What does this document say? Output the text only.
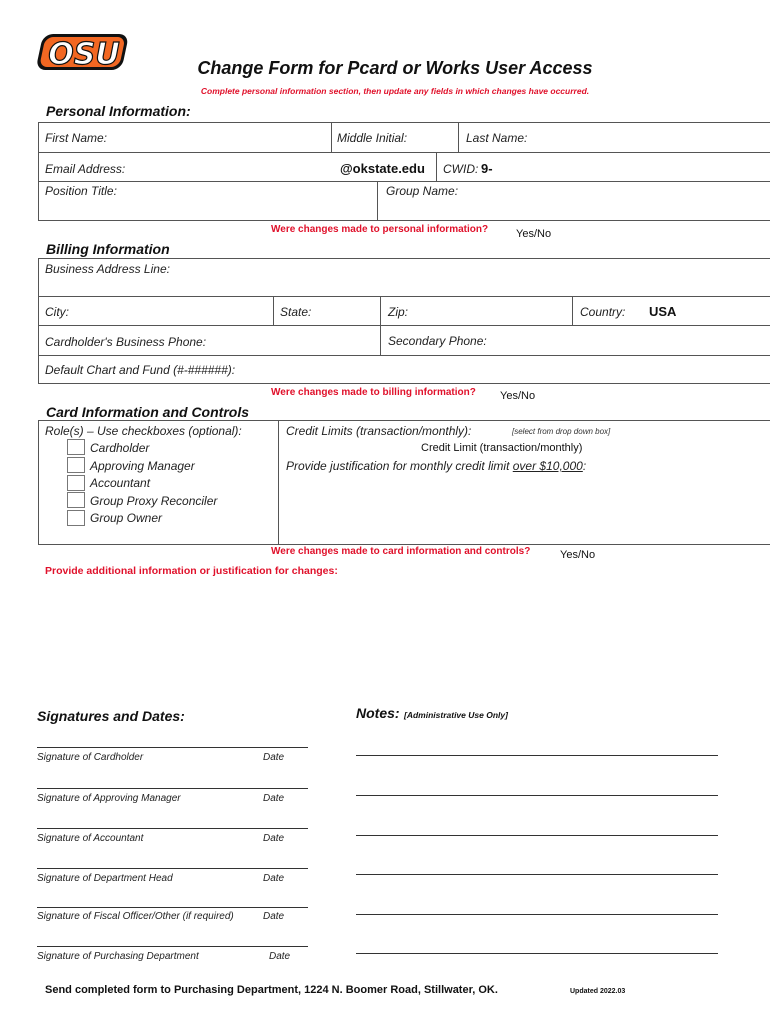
OSU	Change Form for Pcard or Works User Access
Complete personal information section, then update any fields in which changes have occurred.
Personal Information:
First Name:	Middle Initial:	Last Name:
Email Address:	@okstate.edu CWID: 9-
Position Title:	Group Name:
Were changes made to personal information?	Yes/No
Billing Information
Business Address Line:
City:	State:	Zip:	Country: USA
Cardholder's Business Phone:	Secondary Phone:
Default Chart and Fund (#-######):
Were changes made to billing information? Yes/No
Card Information and Controls
Role(s) – Use checkboxes (optional):
Cardholder
Approving Manager
Accountant
Group Proxy Reconciler
Group Owner
Credit Limits (transaction/monthly):	[select from drop down box]
Credit Limit (transaction/monthly)
Provide justification for monthly credit limit over $10,000:
Were changes made to card information and controls?	Yes/No
Provide additional information or justification for changes:
Signatures and Dates:	Notes: [Administrative Use Only]
Signature of Cardholder	Date
Signature of Approving Manager	Date
Signature of Accountant	Date
Signature of Department Head	Date
Signature of Fiscal Officer/Other (if required)	Date
Signature of Purchasing Department	Date
Send completed form to Purchasing Department, 1224 N. Boomer Road, Stillwater, OK.	Updated 2022.03
